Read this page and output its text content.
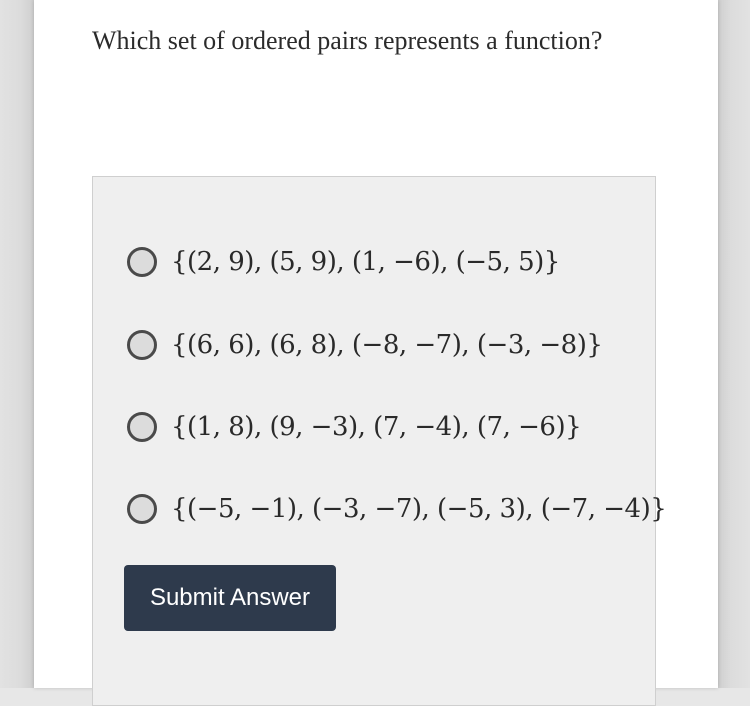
Which set of ordered pairs represents a function?
{(2, 9), (5, 9), (1, −6), (−5, 5)}
{(6, 6), (6, 8), (−8, −7), (−3, −8)}
{(1, 8), (9, −3), (7, −4), (7, −6)}
{(−5, −1), (−3, −7), (−5, 3), (−7, −4)}
Submit Answer
